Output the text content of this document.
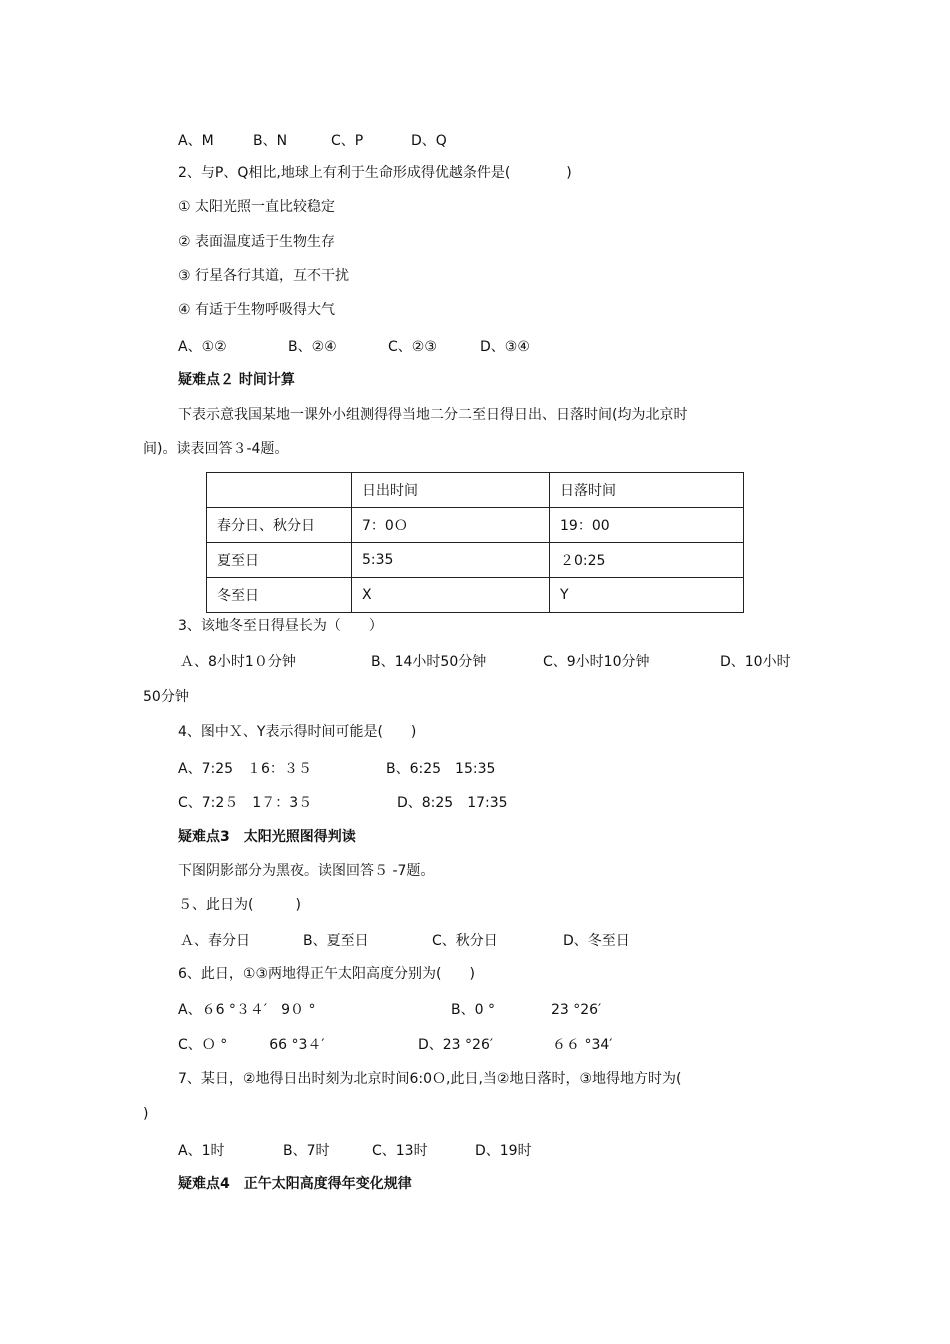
A、M	B、N	C、P	D、Q
2、与P、Q相比,地球上有利于生命形成得优越条件是(　　　　)
① 太阳光照一直比较稳定
② 表面温度适于生物生存
③ 行星各行其道，互不干扰
④ 有适于生物呼吸得大气
A、①②	B、②④	C、②③	D、③④
疑难点２ 时间计算
下表示意我国某地一课外小组测得得当地二分二至日得日出、日落时间(均为北京时
间)。读表回答３-4题。
	日出时间	日落时间
春分日、秋分日	7：0Ｏ	19：00
夏至日	5:35	２0:25
冬至日	X	Y
3、该地冬至日得昼长为（　　）
Ａ、8小时1０分钟	B、14小时50分钟	C、9小时10分钟	D、10小时
50分钟
4、图中Ｘ、Y表示得时间可能是(　　)
A、7:25　１6：３５	B、6:25　15:35
C、7:2５　1７：3５	D、8:25　17:35
疑难点3　太阳光照图得判读
下图阴影部分为黑夜。读图回答５ -7题。
５、此日为(　　　)
Ａ、春分日	B、夏至日	C、秋分日	D、冬至日
6、此日，①③两地得正午太阳高度分别为(　　)
A、６6 °３４′　9０ °	B、0 °　　　　23 °26′
C、Ｏ °　　　66 °3４′	D、23 °26′	６６ °34′
7、某日，②地得日出时刻为北京时间6:0Ｏ,此日,当②地日落时，③地得地方时为(
)
A、1时	B、7时	C、13时	D、19时
疑难点4　正午太阳高度得年变化规律
